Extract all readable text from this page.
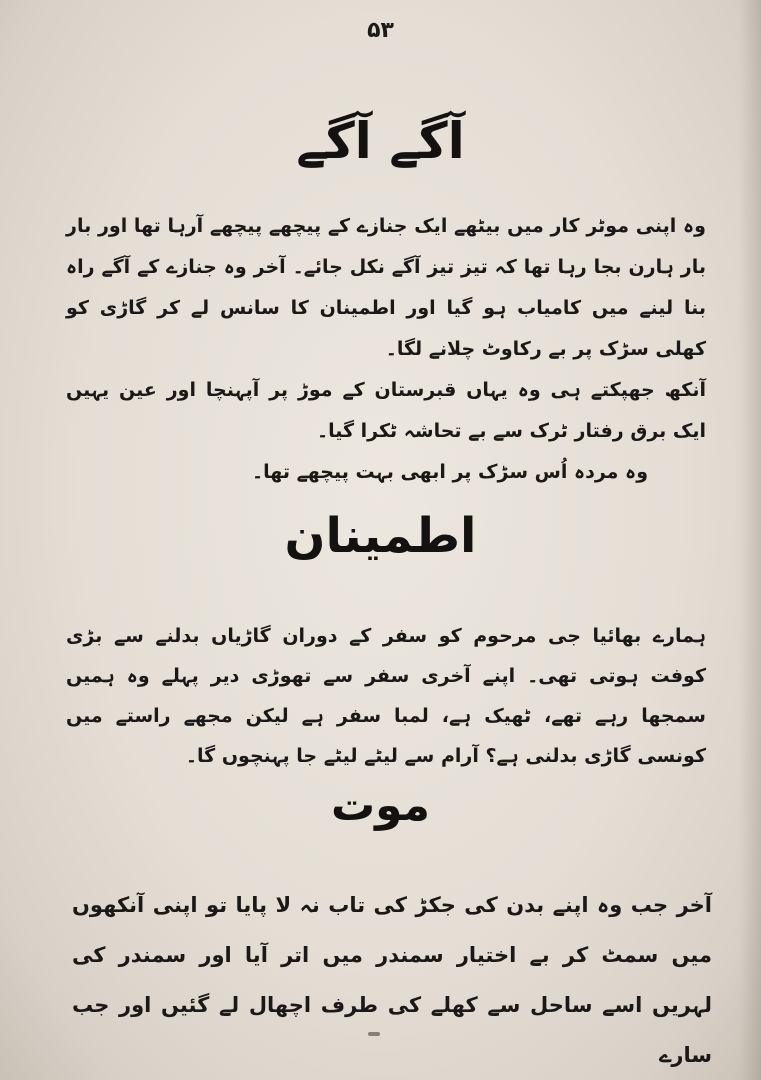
۵۳
آگے آگے

وہ اپنی موٹر کار میں بیٹھے ایک جنازے کے پیچھے پیچھے آرہا تھا اور بار بار ہارن بجا رہا تھا کہ تیز تیز آگے نکل جائے۔ آخر وہ جنازے کے آگے راہ بنا لینے میں کامیاب ہو گیا اور اطمینان کا سانس لے کر گاڑی کو کھلی سڑک پر بے رکاوٹ چلانے لگا۔

آنکھ جھپکتے ہی وہ یہاں قبرستان کے موڑ پر آپہنچا اور عین یہیں ایک برق رفتار ٹرک سے بے تحاشہ ٹکرا گیا۔

وہ مردہ اُس سڑک پر ابھی بہت پیچھے تھا۔

اطمینان

ہمارے بھائیا جی مرحوم کو سفر کے دوران گاڑیاں بدلنے سے بڑی کوفت ہوتی تھی۔ اپنے آخری سفر سے تھوڑی دیر پہلے وہ ہمیں سمجھا رہے تھے، ٹھیک ہے، لمبا سفر ہے لیکن مجھے راستے میں کونسی گاڑی بدلنی ہے؟ آرام سے لیٹے لیٹے جا پہنچوں گا۔

موت

آخر جب وہ اپنے بدن کی جکڑ کی تاب نہ لا پایا تو اپنی آنکھوں میں سمٹ کر بے اختیار سمندر میں اتر آیا اور سمندر کی لہریں اسے ساحل سے کھلے کی طرف اچھال لے گئیں اور جب سارے
